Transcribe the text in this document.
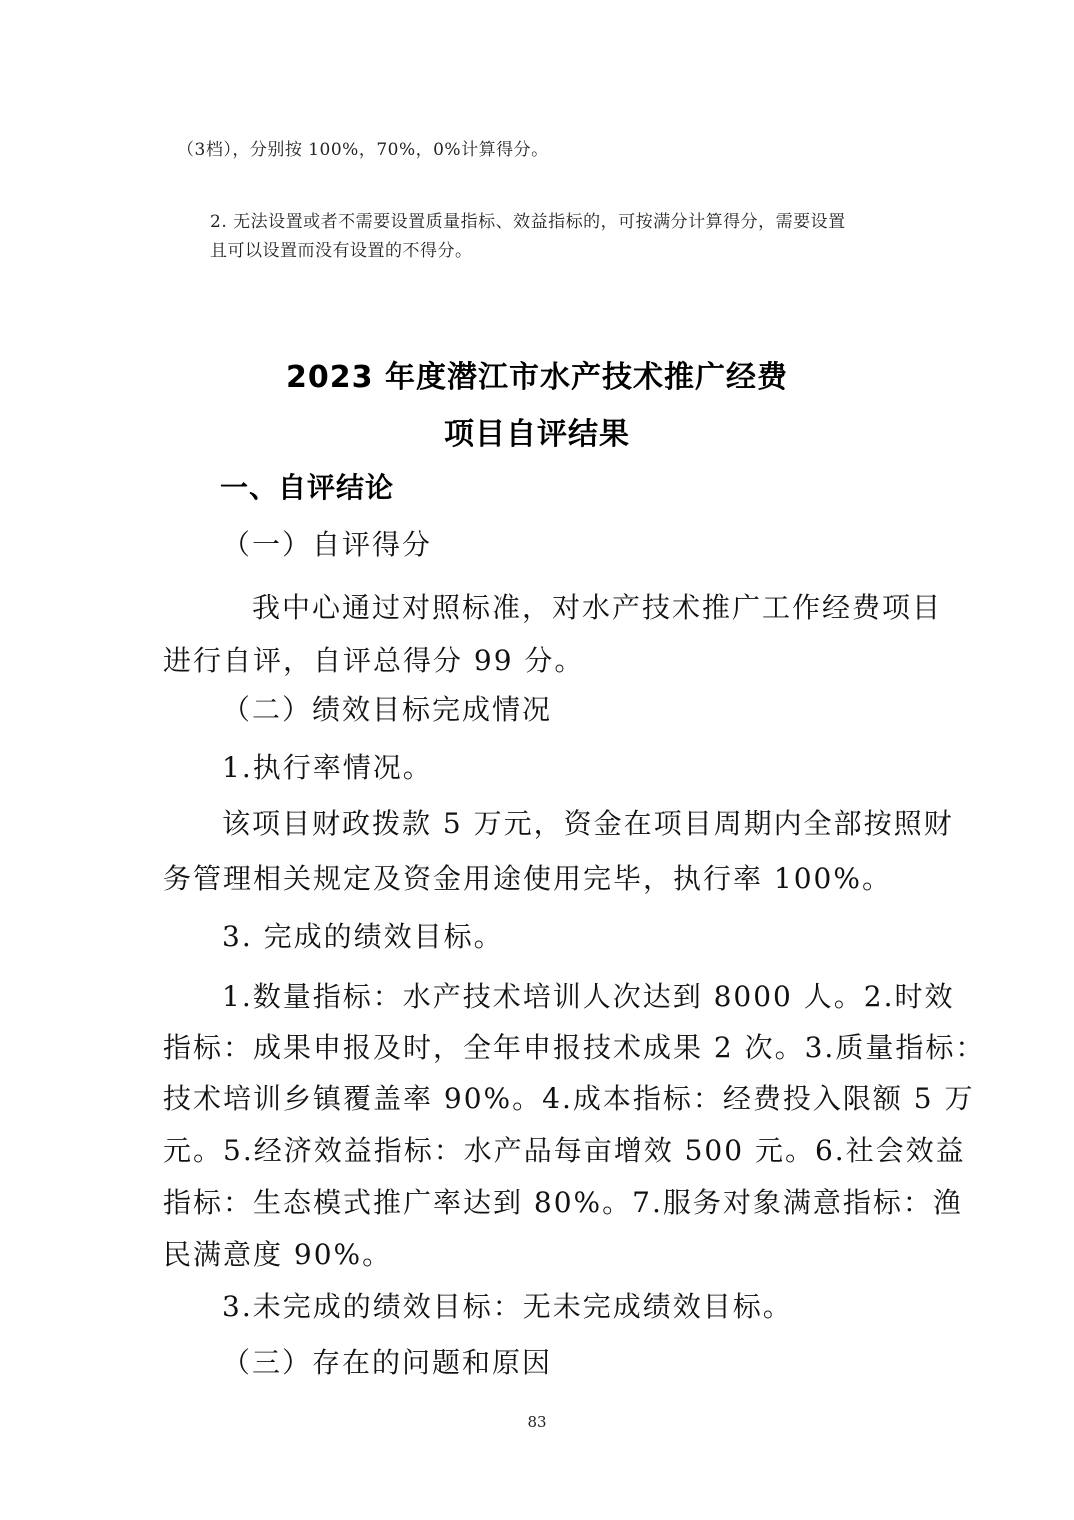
（3档），分别按 100%，70%，0%计算得分。

2. 无法设置或者不需要设置质量指标、效益指标的，可按满分计算得分，需要设置

且可以设置而没有设置的不得分。

2023 年度潜江市水产技术推广经费
项目自评结果
一、自评结论
（一）自评得分

我中心通过对照标准，对水产技术推广工作经费项目

进行自评，自评总得分 99 分。

（二）绩效目标完成情况

1.执行率情况。

该项目财政拨款 5 万元，资金在项目周期内全部按照财

务管理相关规定及资金用途使用完毕，执行率 100%。

3. 完成的绩效目标。

1.数量指标：水产技术培训人次达到 8000 人。2.时效

指标：成果申报及时，全年申报技术成果 2 次。3.质量指标：

技术培训乡镇覆盖率 90%。4.成本指标：经费投入限额 5 万

元。5.经济效益指标：水产品每亩增效 500 元。6.社会效益

指标：生态模式推广率达到 80%。7.服务对象满意指标：渔

民满意度 90%。

3.未完成的绩效目标：无未完成绩效目标。

（三）存在的问题和原因
83
